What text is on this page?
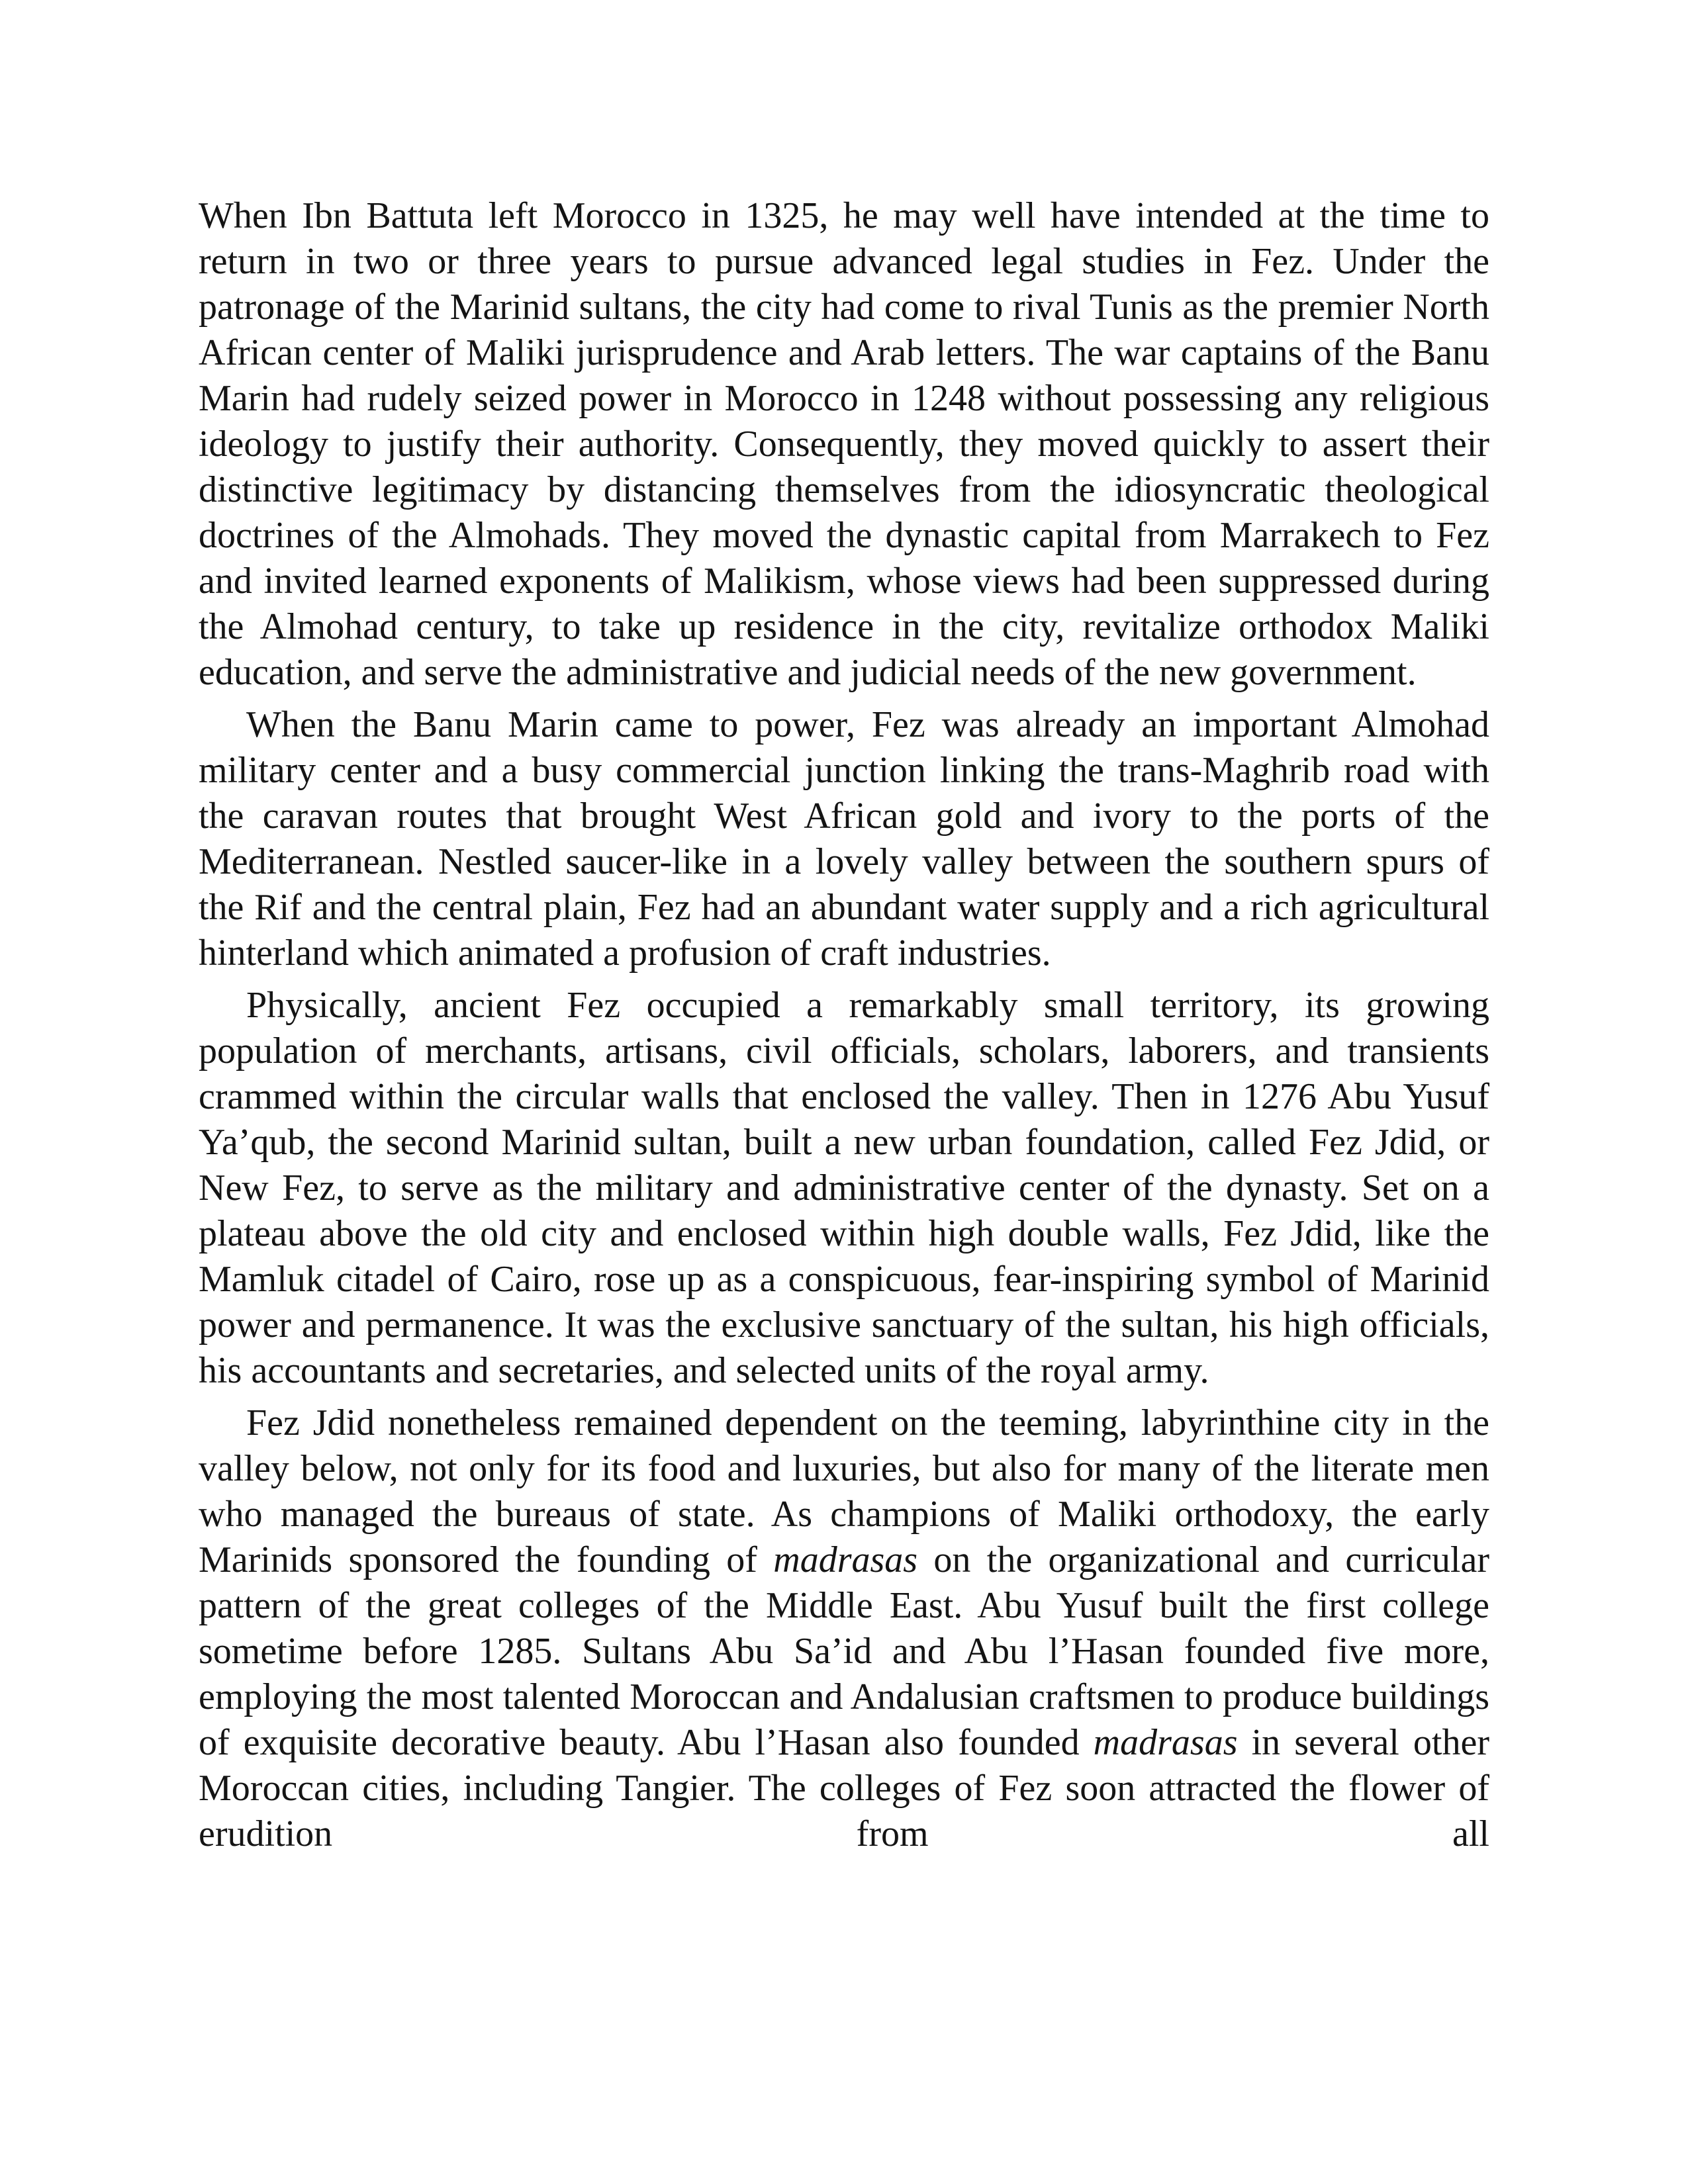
When Ibn Battuta left Morocco in 1325, he may well have intended at the time to return in two or three years to pursue advanced legal studies in Fez. Under the patronage of the Marinid sultans, the city had come to rival Tunis as the premier North African center of Maliki jurisprudence and Arab letters. The war captains of the Banu Marin had rudely seized power in Morocco in 1248 without possessing any religious ideology to justify their authority. Consequently, they moved quickly to assert their distinctive legitimacy by distancing themselves from the idiosyncratic theological doctrines of the Almohads. They moved the dynastic capital from Marrakech to Fez and invited learned exponents of Malikism, whose views had been suppressed during the Almohad century, to take up residence in the city, revitalize orthodox Maliki education, and serve the administrative and judicial needs of the new government.

When the Banu Marin came to power, Fez was already an important Almohad military center and a busy commercial junction linking the trans-Maghrib road with the caravan routes that brought West African gold and ivory to the ports of the Mediterranean. Nestled saucer-like in a lovely valley between the southern spurs of the Rif and the central plain, Fez had an abundant water supply and a rich agricultural hinterland which animated a profusion of craft industries.

Physically, ancient Fez occupied a remarkably small territory, its growing population of merchants, artisans, civil officials, scholars, laborers, and transients crammed within the circular walls that enclosed the valley. Then in 1276 Abu Yusuf Ya’qub, the second Marinid sultan, built a new urban foundation, called Fez Jdid, or New Fez, to serve as the military and administrative center of the dynasty. Set on a plateau above the old city and enclosed within high double walls, Fez Jdid, like the Mamluk citadel of Cairo, rose up as a conspicuous, fear-inspiring symbol of Marinid power and permanence. It was the exclusive sanctuary of the sultan, his high officials, his accountants and secretaries, and selected units of the royal army.

Fez Jdid nonetheless remained dependent on the teeming, labyrinthine city in the valley below, not only for its food and luxuries, but also for many of the literate men who managed the bureaus of state. As champions of Maliki orthodoxy, the early Marinids sponsored the founding of madrasas on the organizational and curricular pattern of the great colleges of the Middle East. Abu Yusuf built the first college sometime before 1285. Sultans Abu Sa’id and Abu l’Hasan founded five more, employing the most talented Moroccan and Andalusian craftsmen to produce buildings of exquisite decorative beauty. Abu l’Hasan also founded madrasas in several other Moroccan cities, including Tangier. The colleges of Fez soon attracted the flower of erudition from all
